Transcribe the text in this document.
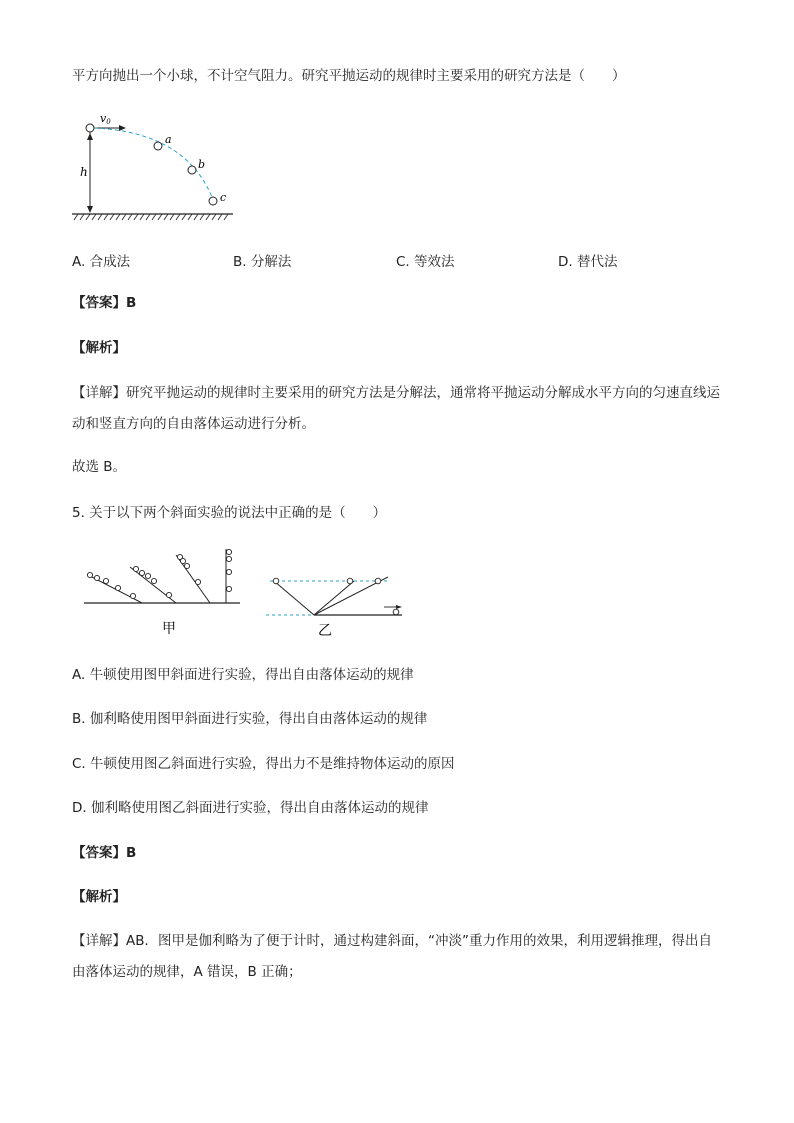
平方向抛出一个小球，不计空气阻力。研究平抛运动的规律时主要采用的研究方法是（　　）
h
v0
a
b
c
A. 合成法	B. 分解法	C. 等效法	D. 替代法
【答案】B
【解析】
【详解】研究平抛运动的规律时主要采用的研究方法是分解法，通常将平抛运动分解成水平方向的匀速直线运动和竖直方向的自由落体运动进行分析。
故选 B。
5. 关于以下两个斜面实验的说法中正确的是（　　）
甲	乙
A. 牛顿使用图甲斜面进行实验，得出自由落体运动的规律
B. 伽利略使用图甲斜面进行实验，得出自由落体运动的规律
C. 牛顿使用图乙斜面进行实验，得出力不是维持物体运动的原因
D. 伽利略使用图乙斜面进行实验，得出自由落体运动的规律
【答案】B
【解析】
【详解】AB．图甲是伽利略为了便于计时，通过构建斜面，“冲淡”重力作用的效果，利用逻辑推理，得出自由落体运动的规律，A 错误，B 正确；
